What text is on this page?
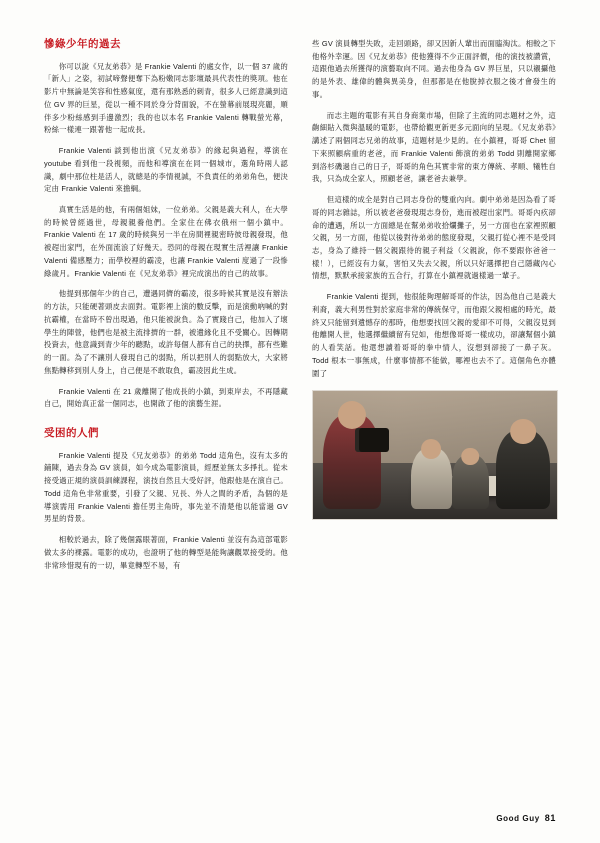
慘綠少年的過去

你可以說《兄友弟恭》是 Frankie Valenti 的處女作，以一個 37 歲的「新人」之姿，初試啼聲便奪下為粉嫩同志影壇最具代表性的獎項。他在影片中無論是笑容和性感氣度，還有那熟悉的刺青，很多人已經意識到這位 GV 界的巨星，從以一種不同於身分背面貌，不在螢幕前展現亮麗，順伴多少粉絲感到手邊激烈；我的也以本名 Frankie Valenti 轉戰螢光幕，粉絲一樣連一跟著他一起成長。

Frankie Valenti 談到他出演《兄友弟恭》的緣起與過程，導演在 youtube 看到他一段視頻，而他和導演在在同一個城市，選角時兩人認識，劇中那位柱是活人，就總是的李情視誠，不負責任的弟弟角色，便決定由 Frankie Valenti 來擔綱。

真實生活是的他，有兩個姐妹，一位弟弟。父親是義大利人，在大學的時候曾經過世，母親親養他們。全家住在佛衣俄州一個小鎮中。Frankie Valenti 在 17 歲的時候與另一半在房間裡親密時彼母親發現，他被趕出家門，在外面流浪了好幾天。恐同的母親在現實生活裡讓 Frankie Valenti 備感壓力；而學校裡的霸凌，也讓 Frankie Valenti 度過了一段慘綠歲月。Frankie Valenti 在《兄友弟恭》裡完成演出的自己的故事。

他提到那個年少的自己，遭遇同儕的霸凌，很多時候其實是沒有辦法的方法，只能硬著頭皮去面對。電影裡上演的數反擊，而是演動吶喊的對抗霸權，在當時不曾出現過，他只能被說負。為了實踐自己，他加入了壞學生的陣營，他們也是被主流排擠的一群，被遺緣化且不受關心。因轉期投資去，他意識到青少年的聽點，或許每個人都有自己的抉擇，都有些難的一面。為了不讓別人發現自己的弱點，所以把別人的弱點放大，大家將焦點轉移到別人身上，自己便是不敢取負，霸凌因此生成。

Frankie Valenti 在 21 歲離開了他成長的小鎮，到東岸去，不再隱藏自己，開始真正當一個同志，也開啟了他的演藝生涯。

受困的人們

Frankie Valenti 提及《兄友弟恭》的弟弟 Todd 這角色，沒有太多的鋪陳，過去身為 GV 演員，如今成為電影演員，經歷並無太多掙扎。從未接受過正規的演員訓練課程，演技自然且大受好評，他跟他是在演自己。Todd 這角色非常重要，引發了父親、兄長、外人之間的矛盾，為個的是導演需用 Frankie Valenti 擔任男主角時，事先並不清楚他以能當過 GV 男星的背景。

相較於過去，除了幾個露眼著面，Frankie Valenti 並沒有為這部電影做太多的裸露。電影的成功，也證明了他的轉型是能夠讓觀眾接受的。他非常珍惜現有的一切，畢竟轉型不易，有

些 GV 演員轉型失敗，走回頭路，卻又因新人輩出而面臨淘汰。相較之下他格外幸運。因《兄友弟恭》使他獲得不少正面評價，他的演技被讚賞，這跟他過去所獲得的演藝取向不同。過去他身為 GV 界巨星，只以襯攝他的是外表、雄偉的體與異美身，但那都是在他脫掉衣服之後才會發生的事。

而志主題的電影有其自身商業市場，但除了主流的同志題材之外，這齣細貼入微與溫暖的電影，也帶給觀更新更多元面向的呈現。《兄友弟恭》講述了兩個同志兄弟的故事，這題材是少見的。在小鎮裡，哥哥 Chet 留下來照顧病重的老爸，而 Frankie Valenti 飾演的弟弟 Todd 則離開家鄉到洛杉磯過自己的日子，哥哥的角色其實非常的東方傳統、孝順、犧牲自我，只為成全家人，照顧老爸，讓老爸去兼學。

但這樣的成全是對自己同志身份的雙重內向。劇中弟弟是因為看了哥哥的同志雜誌，所以被老爸發現現志身份，進而被趕出家門。哥哥內疚卻命的遭遇，所以一方面總是在幫弟弟收拾爛攤子，另一方面也在家裡照顧父親，另一方面，他從以後對待弟弟的態度發現，父親打從心裡不是受同志，身為了維持一個父親跟待的親子利益（父親說，你不要跟你爸爸一樣！），已經沒有力氣，害怕又失去父親，所以只好選擇把自己隱藏內心情想，默默承接家族的五合行，打算在小鎮裡就過樣過一輩子。

Frankie Valenti 提到，他很能夠理解哥哥的作法，因為他自己是義大利裔，義大利男性對於家庭非常的傳統保守，而他跟父親相處的時光，最終又只能留到遺憾存的那時，他想要找回父親的愛卻不可得，父親沒見到他離開人世，他選擇繼續留有兒如，他想像哥哥一樣成功，卻讓幫個小鎮的人看笑話。他還想讀着哥哥的拳中情人，沒想到卻接了一鼻子灰。Todd 根本一事無成，什麼事情都不能做，哪裡也去不了。這個角色亦體圍了

Good Guy 81
